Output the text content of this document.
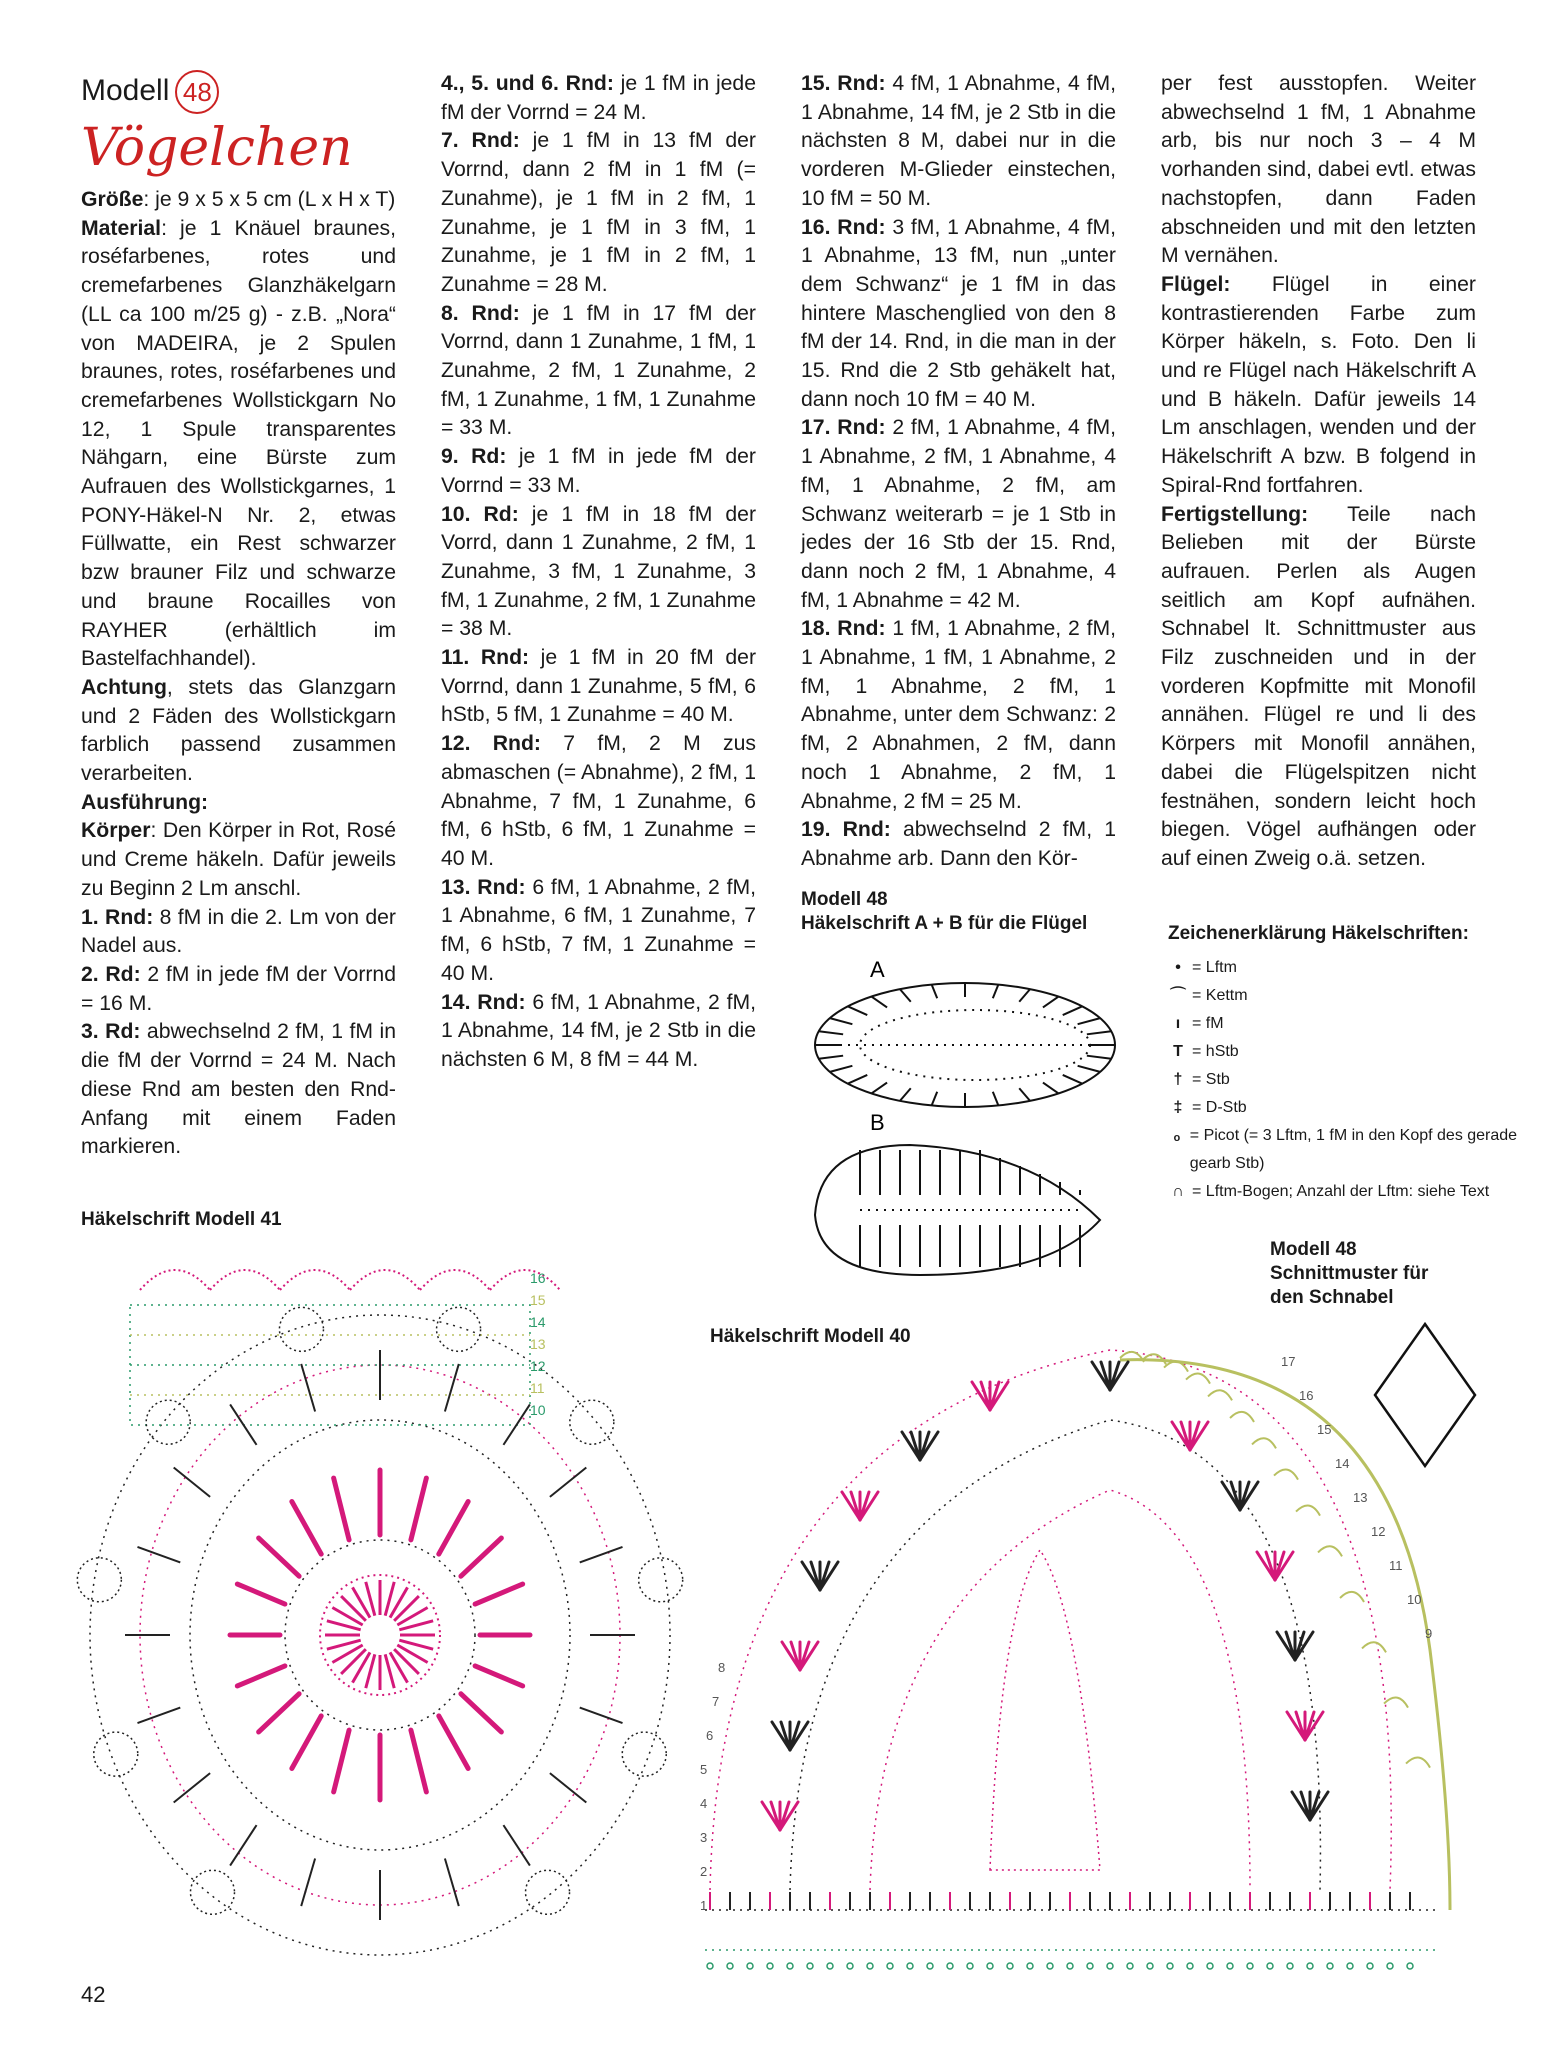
Modell 48
Vögelchen

Größe: je 9 x 5 x 5 cm (L x H x T)

Material: je 1 Knäuel braunes, roséfarbenes, rotes und cremefarbenes Glanzhäkelgarn (LL ca 100 m/25 g) - z.B. „Nora“ von MADEIRA, je 2 Spulen braunes, rotes, roséfarbenes und cremefarbenes Wollstickgarn No 12, 1 Spule transparentes Nähgarn, eine Bürste zum Aufrauen des Wollstickgarnes, 1 PONY-Häkel-N Nr. 2, etwas Füllwatte, ein Rest schwarzer bzw brauner Filz und schwarze und braune Rocailles von RAYHER (erhältlich im Bastelfachhandel).

Achtung, stets das Glanzgarn und 2 Fäden des Wollstickgarn farblich passend zusammen verarbeiten.

Ausführung:

Körper: Den Körper in Rot, Rosé und Creme häkeln. Dafür jeweils zu Beginn 2 Lm anschl.

1. Rnd: 8 fM in die 2. Lm von der Nadel aus.

2. Rd: 2 fM in jede fM der Vorrnd = 16 M.

3. Rd: abwechselnd 2 fM, 1 fM in die fM der Vorrnd = 24 M. Nach diese Rnd am besten den Rnd-Anfang mit einem Faden markieren.

4., 5. und 6. Rnd: je 1 fM in jede fM der Vorrnd = 24 M.

7. Rnd: je 1 fM in 13 fM der Vorrnd, dann 2 fM in 1 fM (= Zunahme), je 1 fM in 2 fM, 1 Zunahme, je 1 fM in 3 fM, 1 Zunahme, je 1 fM in 2 fM, 1 Zunahme = 28 M.

8. Rnd: je 1 fM in 17 fM der Vorrnd, dann 1 Zunahme, 1 fM, 1 Zunahme, 2 fM, 1 Zunahme, 2 fM, 1 Zunahme, 1 fM, 1 Zunahme = 33 M.

9. Rd: je 1 fM in jede fM der Vorrnd = 33 M.

10. Rd: je 1 fM in 18 fM der Vorrd, dann 1 Zunahme, 2 fM, 1 Zunahme, 3 fM, 1 Zunahme, 3 fM, 1 Zunahme, 2 fM, 1 Zunahme = 38 M.

11. Rnd: je 1 fM in 20 fM der Vorrnd, dann 1 Zunahme, 5 fM, 6 hStb, 5 fM, 1 Zunahme = 40 M.

12. Rnd: 7 fM, 2 M zus abmaschen (= Abnahme), 2 fM, 1 Abnahme, 7 fM, 1 Zunahme, 6 fM, 6 hStb, 6 fM, 1 Zunahme = 40 M.

13. Rnd: 6 fM, 1 Abnahme, 2 fM, 1 Abnahme, 6 fM, 1 Zunahme, 7 fM, 6 hStb, 7 fM, 1 Zunahme = 40 M.

14. Rnd: 6 fM, 1 Abnahme, 2 fM, 1 Abnahme, 14 fM, je 2 Stb in die nächsten 6 M, 8 fM = 44 M.

15. Rnd: 4 fM, 1 Abnahme, 4 fM, 1 Abnahme, 14 fM, je 2 Stb in die nächsten 8 M, dabei nur in die vorderen M-Glieder einstechen, 10 fM = 50 M.

16. Rnd: 3 fM, 1 Abnahme, 4 fM, 1 Abnahme, 13 fM, nun „unter dem Schwanz“ je 1 fM in das hintere Maschenglied von den 8 fM der 14. Rnd, in die man in der 15. Rnd die 2 Stb gehäkelt hat, dann noch 10 fM = 40 M.

17. Rnd: 2 fM, 1 Abnahme, 4 fM, 1 Abnahme, 2 fM, 1 Abnahme, 4 fM, 1 Abnahme, 2 fM, am Schwanz weiterarb = je 1 Stb in jedes der 16 Stb der 15. Rnd, dann noch 2 fM, 1 Abnahme, 4 fM, 1 Abnahme = 42 M.

18. Rnd: 1 fM, 1 Abnahme, 2 fM, 1 Abnahme, 1 fM, 1 Abnahme, 2 fM, 1 Abnahme, 2 fM, 1 Abnahme, unter dem Schwanz: 2 fM, 2 Abnahmen, 2 fM, dann noch 1 Abnahme, 2 fM, 1 Abnahme, 2 fM = 25 M.

19. Rnd: abwechselnd 2 fM, 1 Abnahme arb. Dann den Kör-

per fest ausstopfen. Weiter abwechselnd 1 fM, 1 Abnahme arb, bis nur noch 3 – 4 M vorhanden sind, dabei evtl. etwas nachstopfen, dann Faden abschneiden und mit den letzten M vernähen.

Flügel: Flügel in einer kontrastierenden Farbe zum Körper häkeln, s. Foto. Den li und re Flügel nach Häkelschrift A und B häkeln. Dafür jeweils 14 Lm anschlagen, wenden und der Häkelschrift A bzw. B folgend in Spiral-Rnd fortfahren.

Fertigstellung: Teile nach Belieben mit der Bürste aufrauen. Perlen als Augen seitlich am Kopf aufnähen. Schnabel lt. Schnittmuster aus Filz zuschneiden und in der vorderen Kopfmitte mit Monofil annähen. Flügel re und li des Körpers mit Monofil annähen, dabei die Flügelspitzen nicht festnähen, sondern leicht hoch biegen. Vögel aufhängen oder auf einen Zweig o.ä. setzen.

Modell 48
Häkelschrift A + B für die Flügel
A
B
Zeichenerklärung Häkelschriften:
• = Lftm
⌒ = Kettm
ı = fM
T = hStb
† = Stb
‡ = D-Stb
ₒ = Picot (= 3 Lftm, 1 fM in den Kopf des gerade gearb Stb)
∩ = Lftm-Bogen; Anzahl der Lftm: siehe Text
Häkelschrift Modell 41
Häkelschrift Modell 40
Modell 48
Schnittmuster für
den Schnabel
10
11
12
13
14
15
16
1
2
3
4
5
6
7
8
9
10
11
12
13
14
15
16
17
42
